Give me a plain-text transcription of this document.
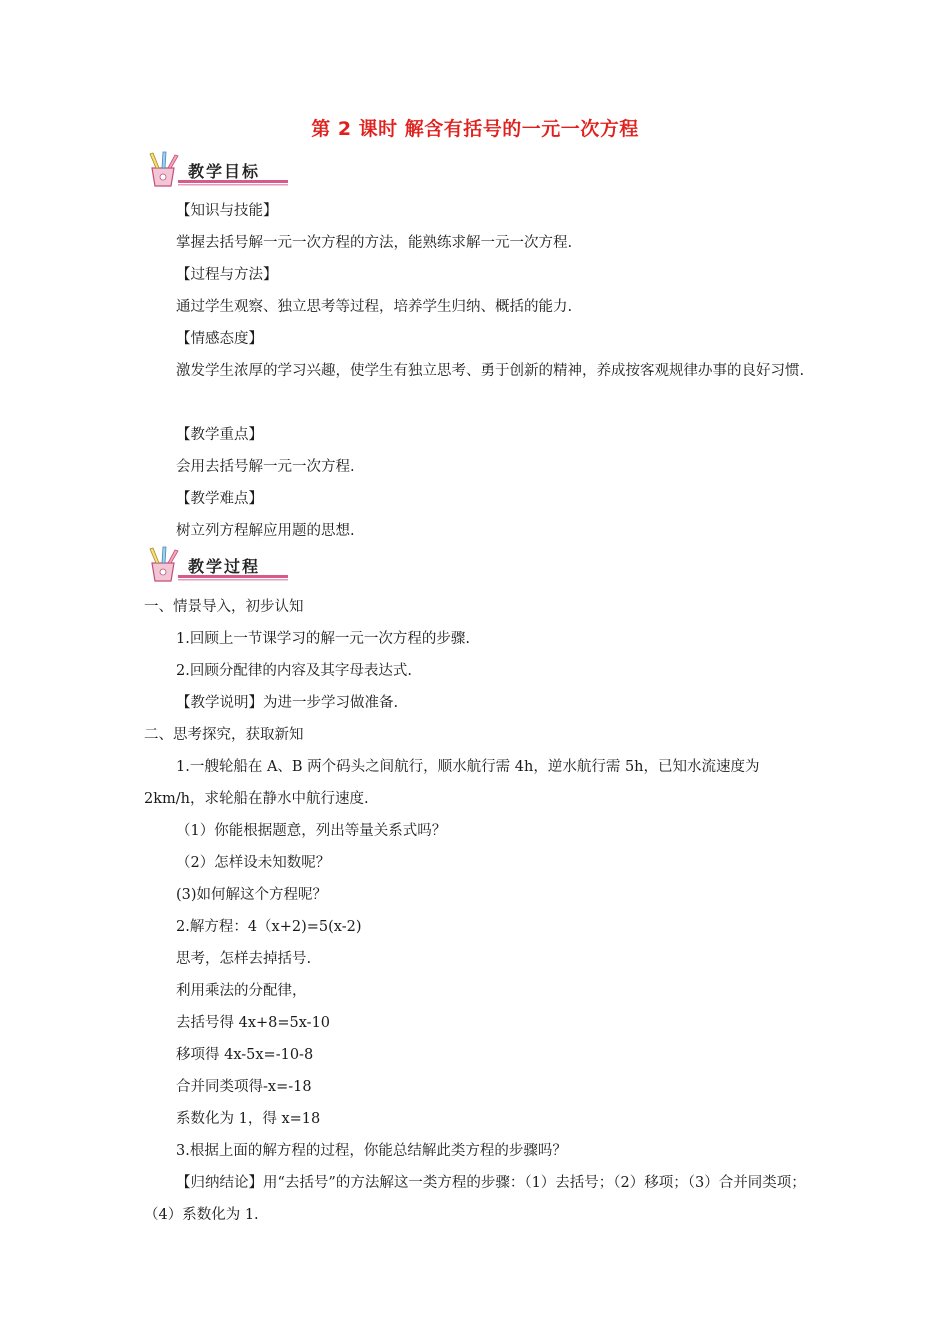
第 2 课时 解含有括号的一元一次方程
教学目标
【知识与技能】
掌握去括号解一元一次方程的方法，能熟练求解一元一次方程.
【过程与方法】
通过学生观察、独立思考等过程，培养学生归纳、概括的能力.
【情感态度】
激发学生浓厚的学习兴趣，使学生有独立思考、勇于创新的精神，养成按客观规律办事的良好习惯.
【教学重点】
会用去括号解一元一次方程.
【教学难点】
树立列方程解应用题的思想.
教学过程
一、情景导入，初步认知
1.回顾上一节课学习的解一元一次方程的步骤.
2.回顾分配律的内容及其字母表达式.
【教学说明】为进一步学习做准备.
二、思考探究，获取新知
1.一艘轮船在 A、B 两个码头之间航行，顺水航行需 4h，逆水航行需 5h，已知水流速度为 2km/h，求轮船在静水中航行速度.
（1）你能根据题意，列出等量关系式吗？
（2）怎样设未知数呢？
(3)如何解这个方程呢？
2.解方程：4（x+2)=5(x-2)
思考，怎样去掉括号.
利用乘法的分配律，
去括号得 4x+8=5x-10
移项得 4x-5x=-10-8
合并同类项得-x=-18
系数化为 1，得 x=18
3.根据上面的解方程的过程，你能总结解此类方程的步骤吗？
【归纳结论】用“去括号”的方法解这一类方程的步骤：（1）去括号；（2）移项；（3）合并同类项；（4）系数化为 1.
